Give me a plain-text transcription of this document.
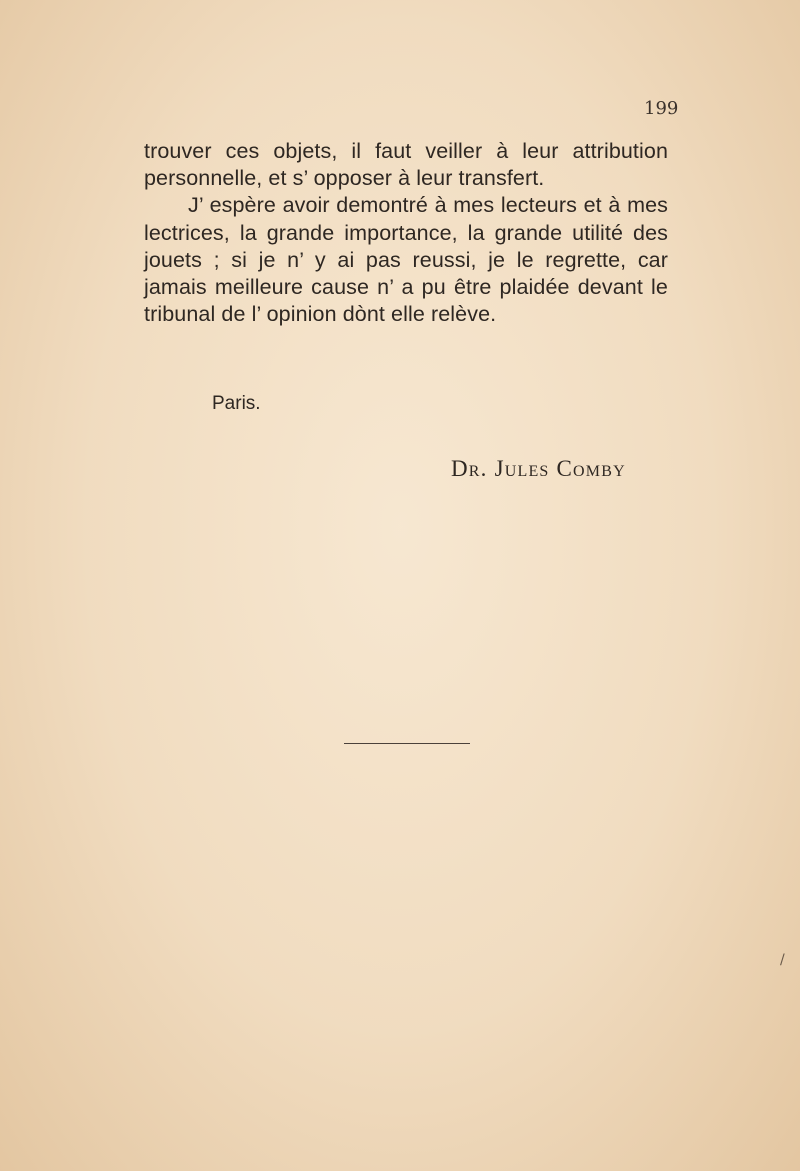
199

trouver ces objets, il faut veiller à leur attribution personnelle, et s’ opposer à leur transfert.

J’ espère avoir demontré à mes lecteurs et à mes lectrices, la grande importance, la grande utilité des jouets ; si je n’ y ai pas reussi, je le regrette, car jamais meilleure cause n’ a pu être plaidée devant le tribunal de l’ opinion dònt elle relève.

Paris.
Dr. Jules Comby
/
